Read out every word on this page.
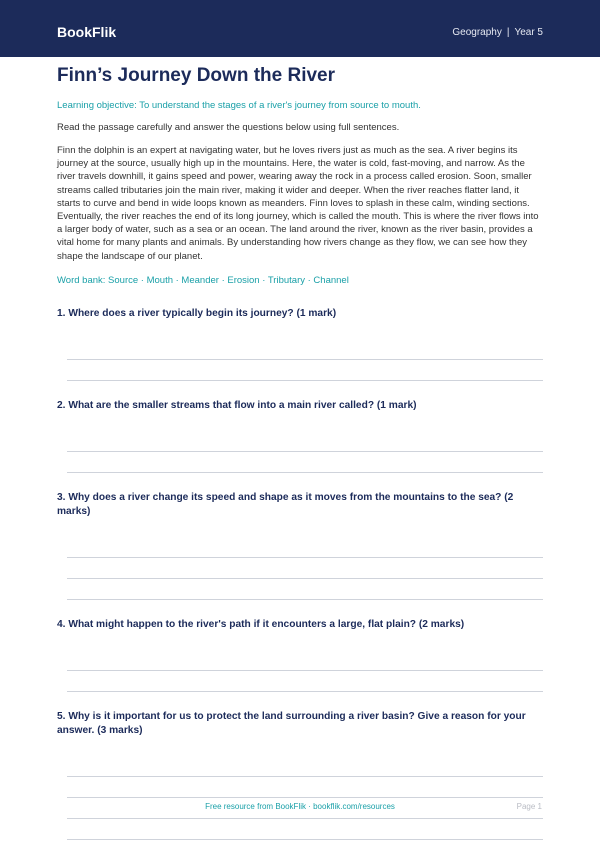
BookFlik	Geography | Year 5
Finn’s Journey Down the River
Learning objective: To understand the stages of a river's journey from source to mouth.
Read the passage carefully and answer the questions below using full sentences.
Finn the dolphin is an expert at navigating water, but he loves rivers just as much as the sea. A river begins its journey at the source, usually high up in the mountains. Here, the water is cold, fast-moving, and narrow. As the river travels downhill, it gains speed and power, wearing away the rock in a process called erosion. Soon, smaller streams called tributaries join the main river, making it wider and deeper. When the river reaches flatter land, it starts to curve and bend in wide loops known as meanders. Finn loves to splash in these calm, winding sections. Eventually, the river reaches the end of its long journey, which is called the mouth. This is where the river flows into a larger body of water, such as a sea or an ocean. The land around the river, known as the river basin, provides a vital home for many plants and animals. By understanding how rivers change as they flow, we can see how they shape the landscape of our planet.
Word bank: Source · Mouth · Meander · Erosion · Tributary · Channel
1. Where does a river typically begin its journey? (1 mark)
2. What are the smaller streams that flow into a main river called? (1 mark)
3. Why does a river change its speed and shape as it moves from the mountains to the sea? (2 marks)
4. What might happen to the river's path if it encounters a large, flat plain? (2 marks)
5. Why is it important for us to protect the land surrounding a river basin? Give a reason for your answer. (3 marks)
Free resource from BookFlik · bookflik.com/resources	Page 1
